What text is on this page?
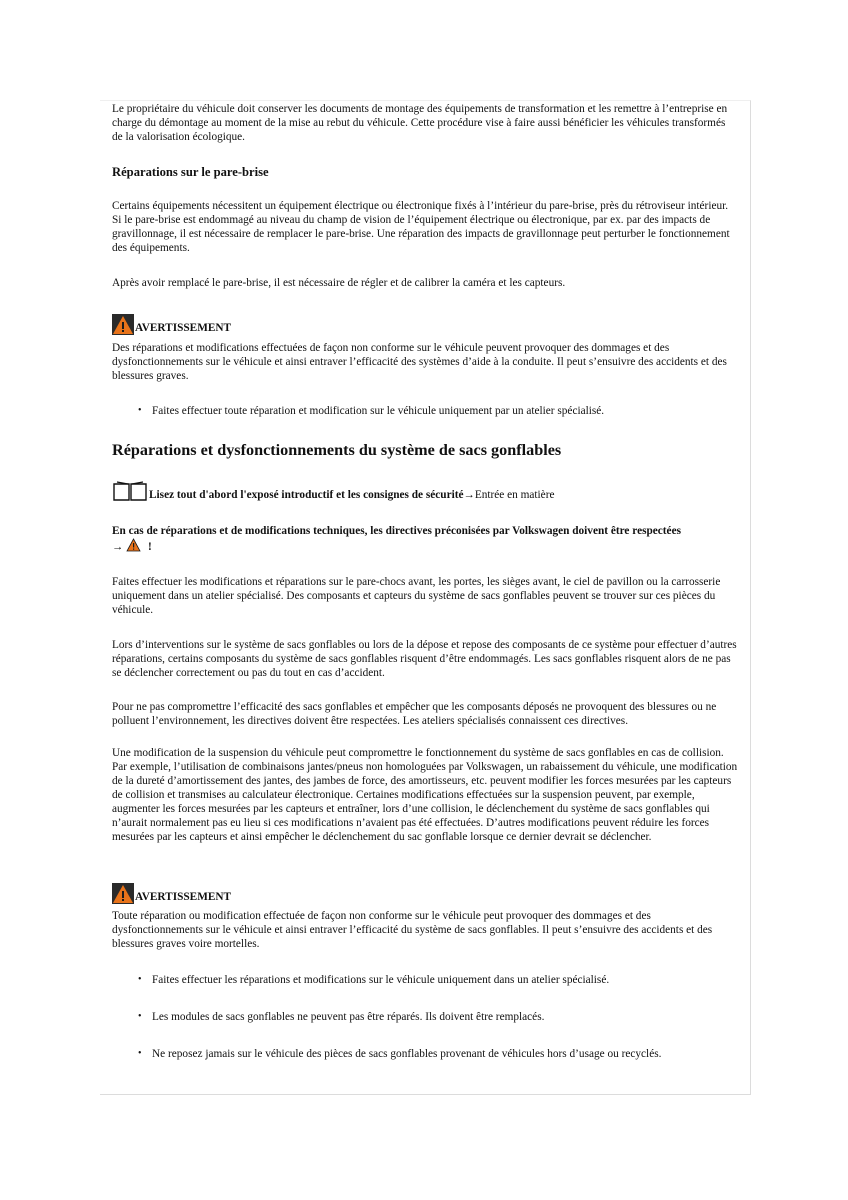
Le propriétaire du véhicule doit conserver les documents de montage des équipements de transformation et les remettre à l’entreprise en charge du démontage au moment de la mise au rebut du véhicule. Cette procédure vise à faire aussi bénéficier les véhicules transformés de la valorisation écologique.

Réparations sur le pare-brise

Certains équipements nécessitent un équipement électrique ou électronique fixés à l’intérieur du pare-brise, près du rétroviseur intérieur. Si le pare-brise est endommagé au niveau du champ de vision de l’équipement électrique ou électronique, par ex. par des impacts de gravillonnage, il est nécessaire de remplacer le pare-brise. Une réparation des impacts de gravillonnage peut perturber le fonctionnement des équipements.

Après avoir remplacé le pare-brise, il est nécessaire de régler et de calibrer la caméra et les capteurs.

AVERTISSEMENT

Des réparations et modifications effectuées de façon non conforme sur le véhicule peuvent provoquer des dommages et des dysfonctionnements sur le véhicule et ainsi entraver l’efficacité des systèmes d’aide à la conduite. Il peut s’ensuivre des accidents et des blessures graves.

• Faites effectuer toute réparation et modification sur le véhicule uniquement par un atelier spécialisé.

Réparations et dysfonctionnements du système de sacs gonflables

Lisez tout d'abord l'exposé introductif et les consignes de sécurité →Entrée en matière
En cas de réparations et de modifications techniques, les directives préconisées par Volkswagen doivent être respectées
→ !

Faites effectuer les modifications et réparations sur le pare-chocs avant, les portes, les sièges avant, le ciel de pavillon ou la carrosserie uniquement dans un atelier spécialisé. Des composants et capteurs du système de sacs gonflables peuvent se trouver sur ces pièces du véhicule.

Lors d’interventions sur le système de sacs gonflables ou lors de la dépose et repose des composants de ce système pour effectuer d’autres réparations, certains composants du système de sacs gonflables risquent d’être endommagés. Les sacs gonflables risquent alors de ne pas se déclencher correctement ou pas du tout en cas d’accident.

Pour ne pas compromettre l’efficacité des sacs gonflables et empêcher que les composants déposés ne provoquent des blessures ou ne polluent l’environnement, les directives doivent être respectées. Les ateliers spécialisés connaissent ces directives.

Une modification de la suspension du véhicule peut compromettre le fonctionnement du système de sacs gonflables en cas de collision. Par exemple, l’utilisation de combinaisons jantes/pneus non homologuées par Volkswagen, un rabaissement du véhicule, une modification de la dureté d’amortissement des jantes, des jambes de force, des amortisseurs, etc. peuvent modifier les forces mesurées par les capteurs de collision et transmises au calculateur électronique. Certaines modifications effectuées sur la suspension peuvent, par exemple, augmenter les forces mesurées par les capteurs et entraîner, lors d’une collision, le déclenchement du système de sacs gonflables qui n’aurait normalement pas eu lieu si ces modifications n’avaient pas été effectuées. D’autres modifications peuvent réduire les forces mesurées par les capteurs et ainsi empêcher le déclenchement du sac gonflable lorsque ce dernier devrait se déclencher.

AVERTISSEMENT

Toute réparation ou modification effectuée de façon non conforme sur le véhicule peut provoquer des dommages et des dysfonctionnements sur le véhicule et ainsi entraver l’efficacité du système de sacs gonflables. Il peut s’ensuivre des accidents et des blessures graves voire mortelles.

• Faites effectuer les réparations et modifications sur le véhicule uniquement dans un atelier spécialisé.
• Les modules de sacs gonflables ne peuvent pas être réparés. Ils doivent être remplacés.
• Ne reposez jamais sur le véhicule des pièces de sacs gonflables provenant de véhicules hors d’usage ou recyclés.
